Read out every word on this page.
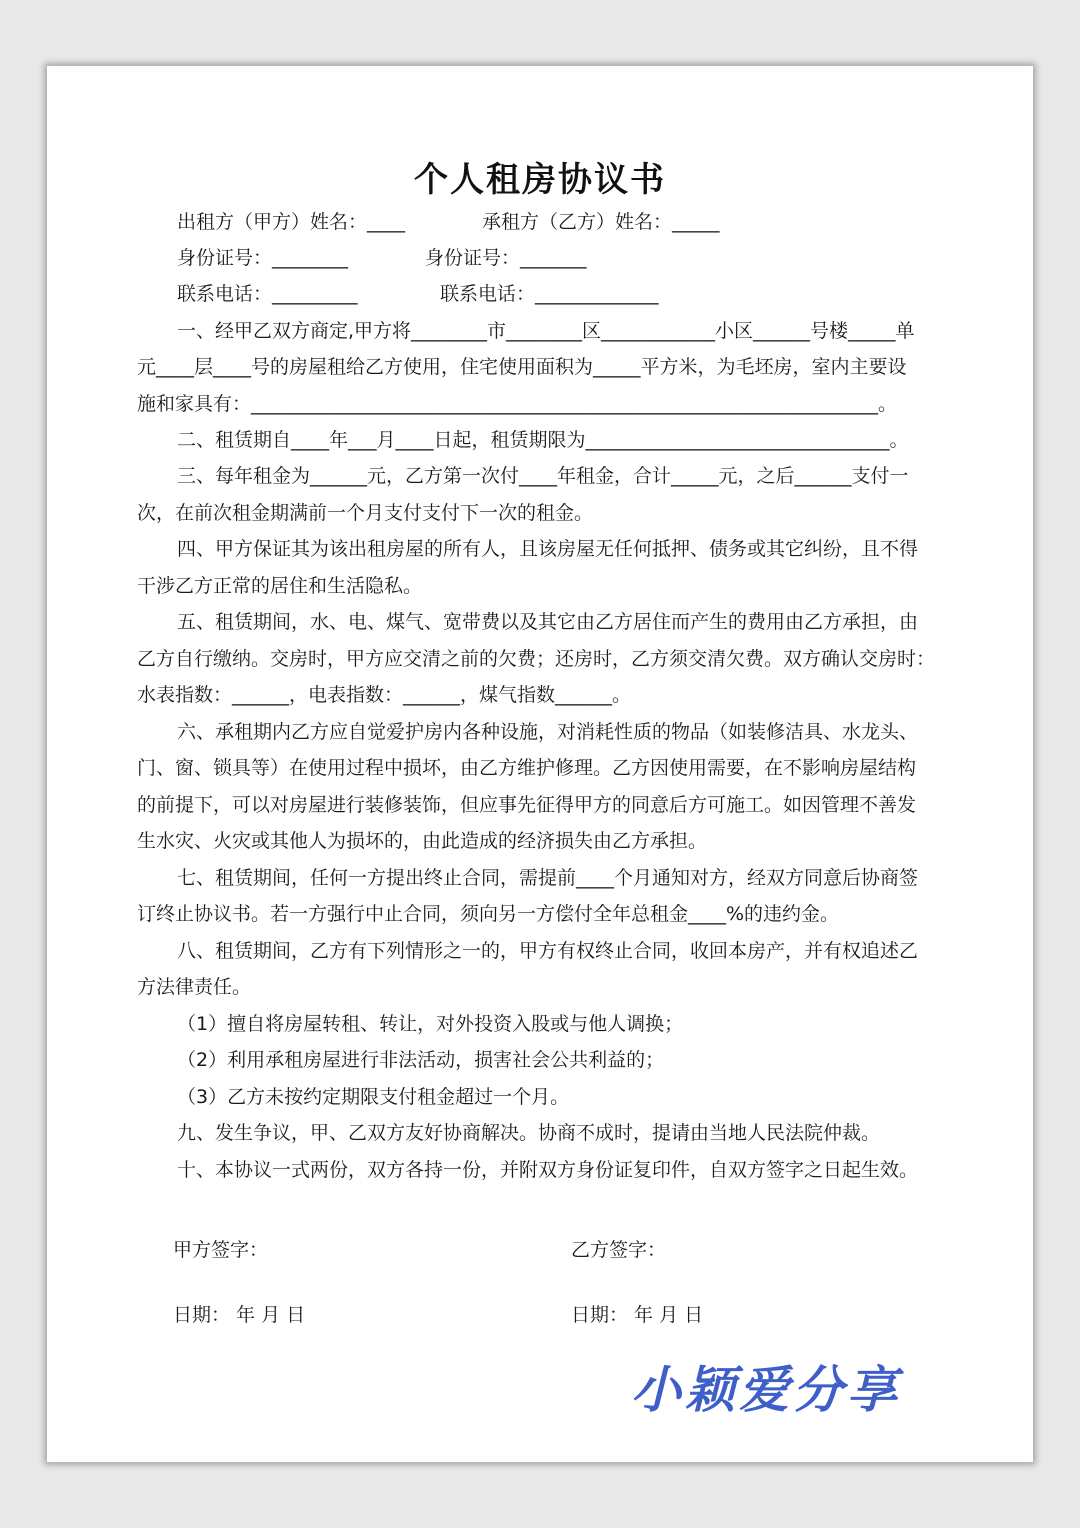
个人租房协议书
出租方（甲方）姓名：____	承租方（乙方）姓名：_____
身份证号：________	身份证号：_______
联系电话：_________	联系电话：_____________
一、经甲乙双方商定,甲方将________市________区____________小区______号楼_____单
元____层____号的房屋租给乙方使用，住宅使用面积为_____平方米，为毛坯房，室内主要设
施和家具有：__________________________________________________________________。
二、租赁期自____年___月____日起，租赁期限为________________________________。
三、每年租金为______元，乙方第一次付____年租金，合计_____元，之后______支付一
次，在前次租金期满前一个月支付支付下一次的租金。
四、甲方保证其为该出租房屋的所有人，且该房屋无任何抵押、债务或其它纠纷，且不得
干涉乙方正常的居住和生活隐私。
五、租赁期间，水、电、煤气、宽带费以及其它由乙方居住而产生的费用由乙方承担，由
乙方自行缴纳。交房时，甲方应交清之前的欠费；还房时，乙方须交清欠费。双方确认交房时：
水表指数：______，电表指数：______，煤气指数______。
六、承租期内乙方应自觉爱护房内各种设施，对消耗性质的物品（如装修洁具、水龙头、
门、窗、锁具等）在使用过程中损坏，由乙方维护修理。乙方因使用需要，在不影响房屋结构
的前提下，可以对房屋进行装修装饰，但应事先征得甲方的同意后方可施工。如因管理不善发
生水灾、火灾或其他人为损坏的，由此造成的经济损失由乙方承担。
七、租赁期间，任何一方提出终止合同，需提前____个月通知对方，经双方同意后协商签
订终止协议书。若一方强行中止合同，须向另一方偿付全年总租金____%的违约金。
八、租赁期间，乙方有下列情形之一的，甲方有权终止合同，收回本房产，并有权追述乙
方法律责任。
（1）擅自将房屋转租、转让，对外投资入股或与他人调换；
（2）利用承租房屋进行非法活动，损害社会公共利益的；
（3）乙方未按约定期限支付租金超过一个月。
九、发生争议，甲、乙双方友好协商解决。协商不成时，提请由当地人民法院仲裁。
十、本协议一式两份，双方各持一份，并附双方身份证复印件，自双方签字之日起生效。
甲方签字：	乙方签字：
日期： 年 月 日	日期： 年 月 日
小颖爱分享
